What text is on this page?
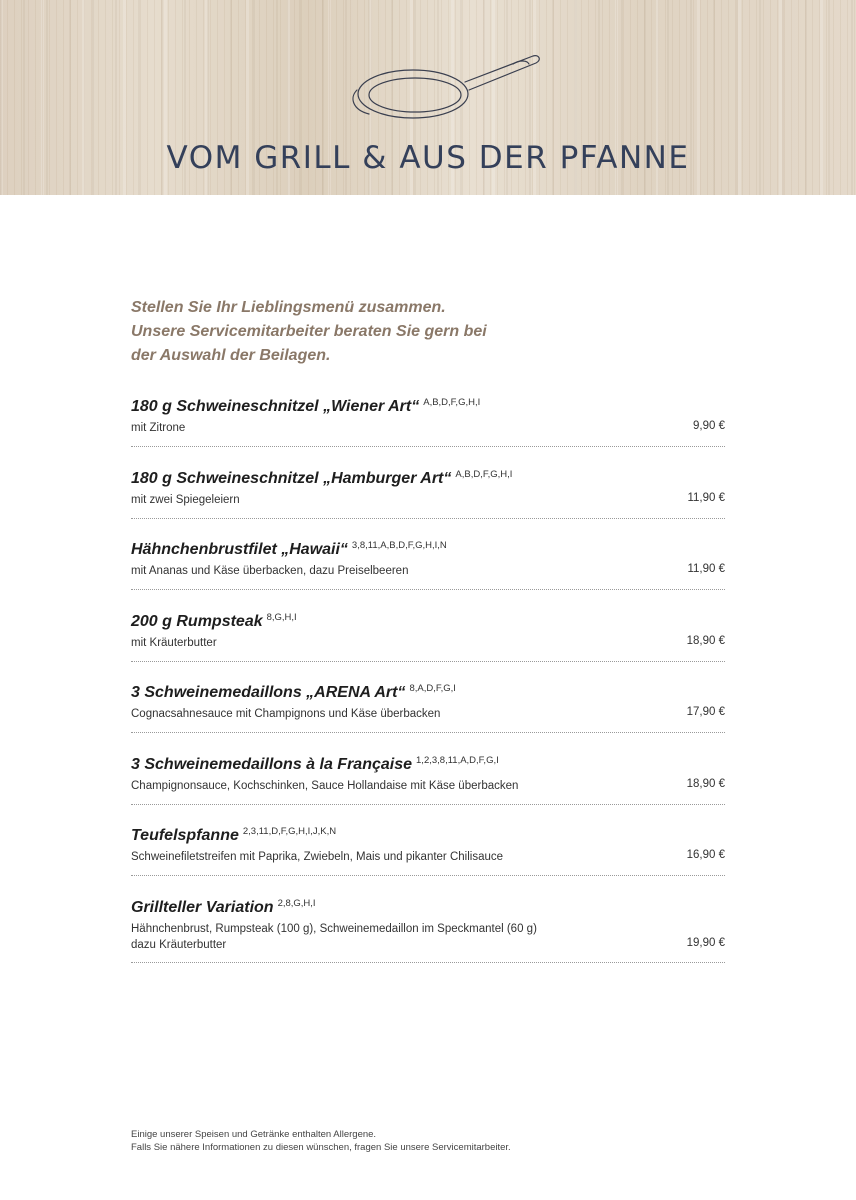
VOM GRILL & AUS DER PFANNE
Stellen Sie Ihr Lieblingsmenü zusammen.
Unsere Servicemitarbeiter beraten Sie gern bei
der Auswahl der Beilagen.
180 g Schweineschnitzel „Wiener Art“ $^{A,B,D,F,G,H,I}$
mit Zitrone	9,90 €
180 g Schweineschnitzel „Hamburger Art“ $^{A,B,D,F,G,H,I}$
mit zwei Spiegeleiern	11,90 €
Hähnchenbrustfilet „Hawaii“ $^{3,8,11,A,B,D,F,G,H,I,N}$
mit Ananas und Käse überbacken, dazu Preiselbeeren	11,90 €
200 g Rumpsteak $^{8,G,H,I}$
mit Kräuterbutter	18,90 €
3 Schweinemedaillons „ARENA Art“ $^{8,A,D,F,G,I}$
Cognacsahnesauce mit Champignons und Käse überbacken	17,90 €
3 Schweinemedaillons à la Française $^{1,2,3,8,11,A,D,F,G,I}$
Champignonsauce, Kochschinken, Sauce Hollandaise mit Käse überbacken	18,90 €
Teufelspfanne $^{2,3,11,D,F,G,H,I,J,K,N}$
Schweinefiletstreifen mit Paprika, Zwiebeln, Mais und pikanter Chilisauce	16,90 €
Grillteller Variation $^{2,8,G,H,I}$
Hähnchenbrust, Rumpsteak (100 g), Schweinemedaillon im Speckmantel (60 g)
dazu Kräuterbutter	19,90 €
Einige unserer Speisen und Getränke enthalten Allergene.
Falls Sie nähere Informationen zu diesen wünschen, fragen Sie unsere Servicemitarbeiter.
